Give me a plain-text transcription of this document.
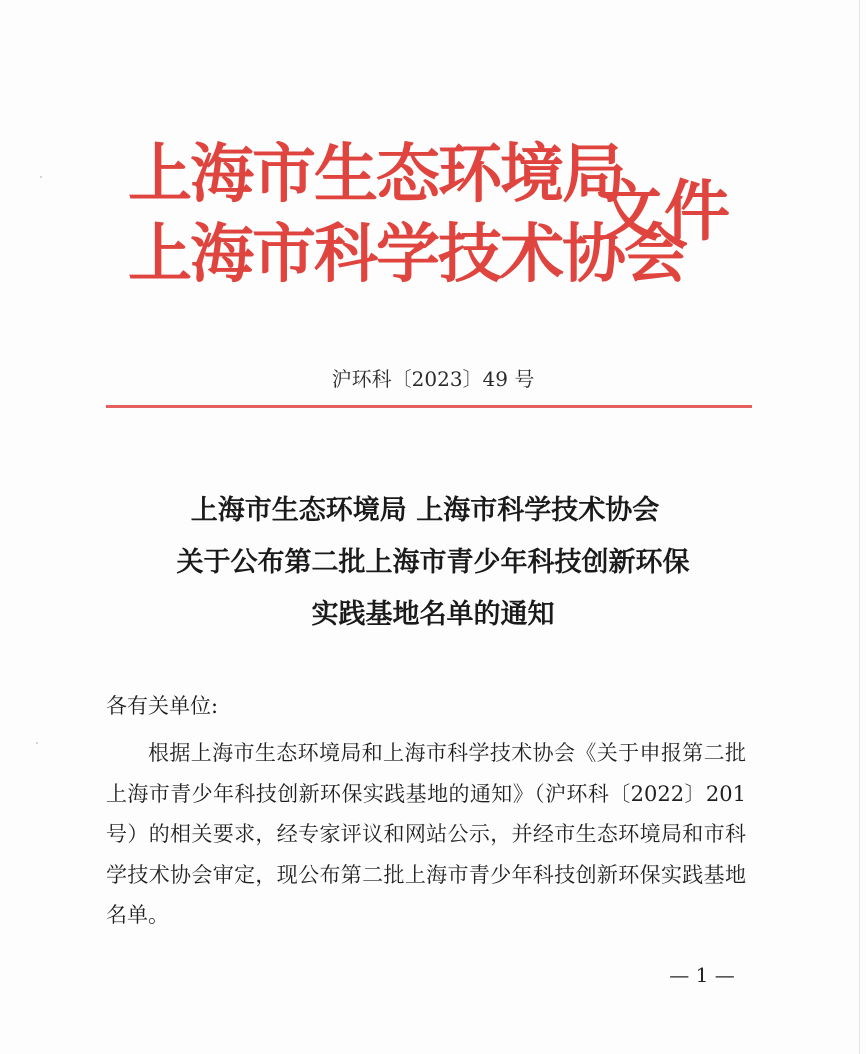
上海市生态环境局
上海市科学技术协会
文件
沪环科〔2023〕49 号
上海市生态环境局 上海市科学技术协会
关于公布第二批上海市青少年科技创新环保
实践基地名单的通知
各有关单位:
根据上海市生态环境局和上海市科学技术协会《关于申报第二批上海市青少年科技创新环保实践基地的通知》（沪环科〔2022〕201 号）的相关要求，经专家评议和网站公示，并经市生态环境局和市科学技术协会审定，现公布第二批上海市青少年科技创新环保实践基地名单。
— 1 —
